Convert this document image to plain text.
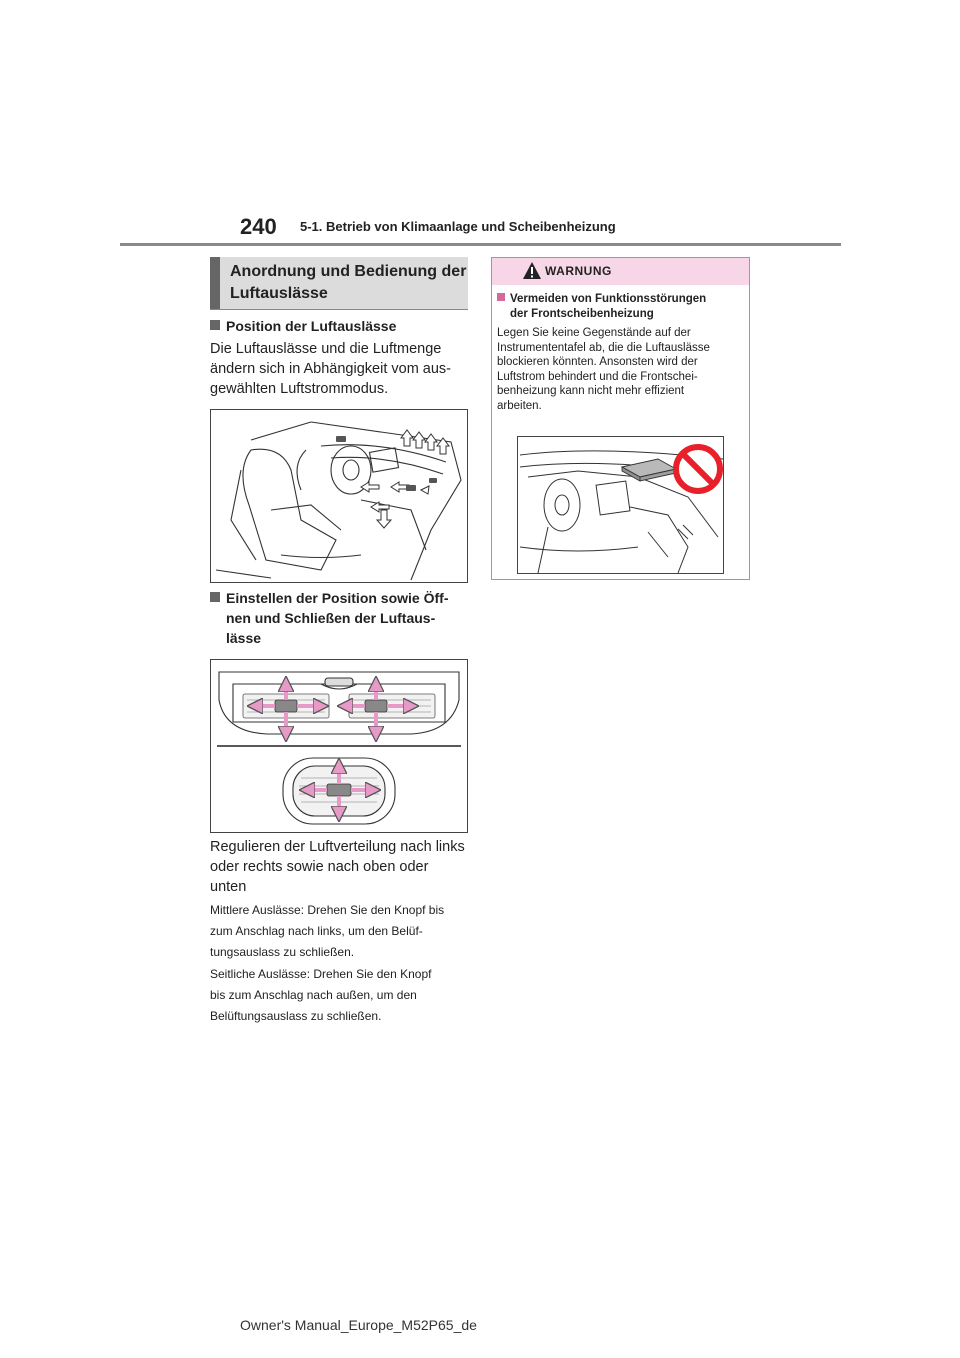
240 5-1. Betrieb von Klimaanlage und Scheibenheizung
Anordnung und Bedienung der
Luftauslässe
Position der Luftauslässe
Die Luftauslässe und die Luftmenge
ändern sich in Abhängigkeit vom aus-
gewählten Luftstrommodus.
Einstellen der Position sowie Öff-
nen und Schließen der Luftaus-
lässe
Regulieren der Luftverteilung nach links
oder rechts sowie nach oben oder
unten
Mittlere Auslässe: Drehen Sie den Knopf bis
zum Anschlag nach links, um den Belüf-
tungsauslass zu schließen.
Seitliche Auslässe: Drehen Sie den Knopf
bis zum Anschlag nach außen, um den
Belüftungsauslass zu schließen.
WARNUNG
Vermeiden von Funktionsstörungen
der Frontscheibenheizung
Legen Sie keine Gegenstände auf der
Instrumententafel ab, die die Luftauslässe
blockieren könnten. Ansonsten wird der
Luftstrom behindert und die Frontschei-
benheizung kann nicht mehr effizient
arbeiten.
Owner's Manual_Europe_M52P65_de
